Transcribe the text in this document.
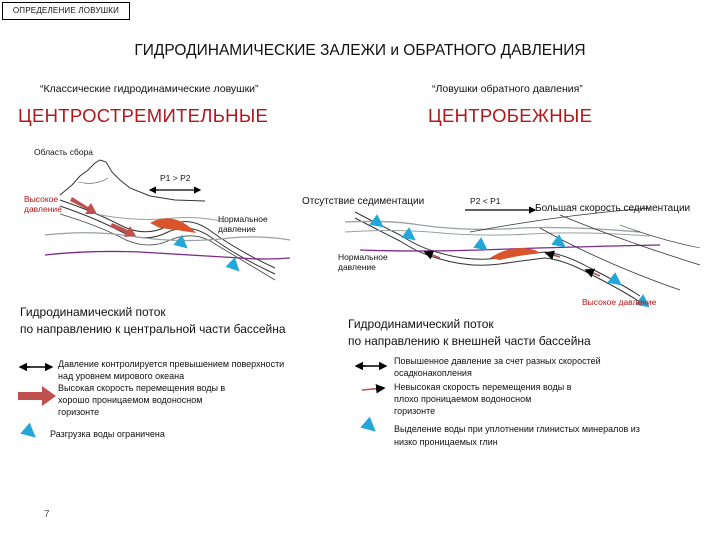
ОПРЕДЕЛЕНИЕ ЛОВУШКИ
ГИДРОДИНАМИЧЕСКИЕ ЗАЛЕЖИ и ОБРАТНОГО ДАВЛЕНИЯ
“Классические гидродинамические ловушки”	“Ловушки обратного давления”
ЦЕНТРОСТРЕМИТЕЛЬНЫЕ	ЦЕНТРОБЕЖНЫЕ
Область сбора
P1 > P2
Высокое
давление
Нормальное
давление
Отсутствие седиментации	P2 < P1
Большая скорость седиментации
Нормальное
давление
Высокое давление
Гидродинамический поток
по направлению к центральной части бассейна	Гидродинамический поток
по направлению к внешней части бассейна
Давление контролируется превышением поверхности
над уровнем мирового океана
Высокая скорость перемещения воды в
хорошо проницаемом водоносном
горизонте
Разгрузка воды ограничена
Повышенное давление за счет разных скоростей
осадконакопления
Невысокая скорость перемещения воды в
плохо проницаемом водоносном
горизонте
Выделение воды при уплотнении глинистых минералов из
низко проницаемых глин
7
